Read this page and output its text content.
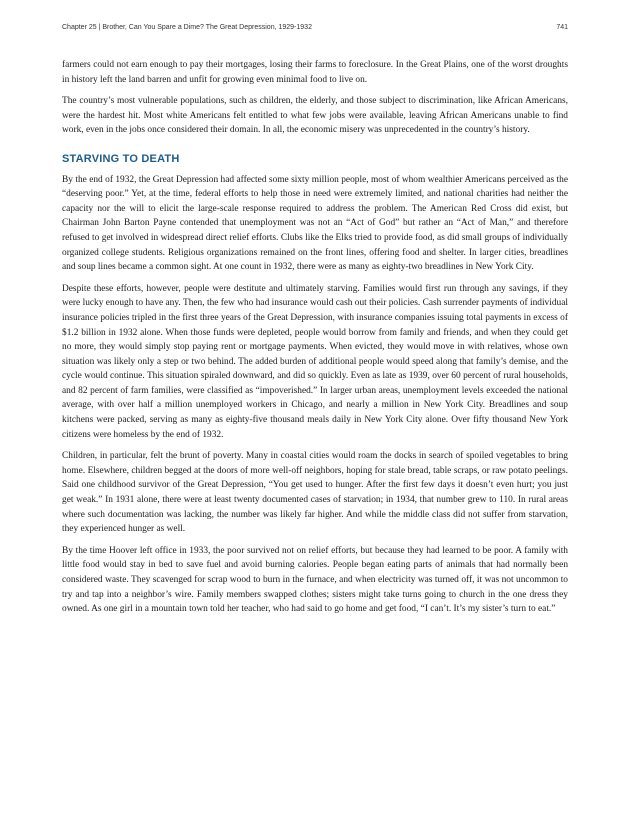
Chapter 25 | Brother, Can You Spare a Dime? The Great Depression, 1929-1932	741

farmers could not earn enough to pay their mortgages, losing their farms to foreclosure. In the Great Plains, one of the worst droughts in history left the land barren and unfit for growing even minimal food to live on.

The country’s most vulnerable populations, such as children, the elderly, and those subject to discrimination, like African Americans, were the hardest hit. Most white Americans felt entitled to what few jobs were available, leaving African Americans unable to find work, even in the jobs once considered their domain. In all, the economic misery was unprecedented in the country’s history.

STARVING TO DEATH

By the end of 1932, the Great Depression had affected some sixty million people, most of whom wealthier Americans perceived as the “deserving poor.” Yet, at the time, federal efforts to help those in need were extremely limited, and national charities had neither the capacity nor the will to elicit the large-scale response required to address the problem. The American Red Cross did exist, but Chairman John Barton Payne contended that unemployment was not an “Act of God” but rather an “Act of Man,” and therefore refused to get involved in widespread direct relief efforts. Clubs like the Elks tried to provide food, as did small groups of individually organized college students. Religious organizations remained on the front lines, offering food and shelter. In larger cities, breadlines and soup lines became a common sight. At one count in 1932, there were as many as eighty-two breadlines in New York City.

Despite these efforts, however, people were destitute and ultimately starving. Families would first run through any savings, if they were lucky enough to have any. Then, the few who had insurance would cash out their policies. Cash surrender payments of individual insurance policies tripled in the first three years of the Great Depression, with insurance companies issuing total payments in excess of $1.2 billion in 1932 alone. When those funds were depleted, people would borrow from family and friends, and when they could get no more, they would simply stop paying rent or mortgage payments. When evicted, they would move in with relatives, whose own situation was likely only a step or two behind. The added burden of additional people would speed along that family’s demise, and the cycle would continue. This situation spiraled downward, and did so quickly. Even as late as 1939, over 60 percent of rural households, and 82 percent of farm families, were classified as “impoverished.” In larger urban areas, unemployment levels exceeded the national average, with over half a million unemployed workers in Chicago, and nearly a million in New York City. Breadlines and soup kitchens were packed, serving as many as eighty-five thousand meals daily in New York City alone. Over fifty thousand New York citizens were homeless by the end of 1932.

Children, in particular, felt the brunt of poverty. Many in coastal cities would roam the docks in search of spoiled vegetables to bring home. Elsewhere, children begged at the doors of more well-off neighbors, hoping for stale bread, table scraps, or raw potato peelings. Said one childhood survivor of the Great Depression, “You get used to hunger. After the first few days it doesn’t even hurt; you just get weak.” In 1931 alone, there were at least twenty documented cases of starvation; in 1934, that number grew to 110. In rural areas where such documentation was lacking, the number was likely far higher. And while the middle class did not suffer from starvation, they experienced hunger as well.

By the time Hoover left office in 1933, the poor survived not on relief efforts, but because they had learned to be poor. A family with little food would stay in bed to save fuel and avoid burning calories. People began eating parts of animals that had normally been considered waste. They scavenged for scrap wood to burn in the furnace, and when electricity was turned off, it was not uncommon to try and tap into a neighbor’s wire. Family members swapped clothes; sisters might take turns going to church in the one dress they owned. As one girl in a mountain town told her teacher, who had said to go home and get food, “I can’t. It’s my sister’s turn to eat.”
